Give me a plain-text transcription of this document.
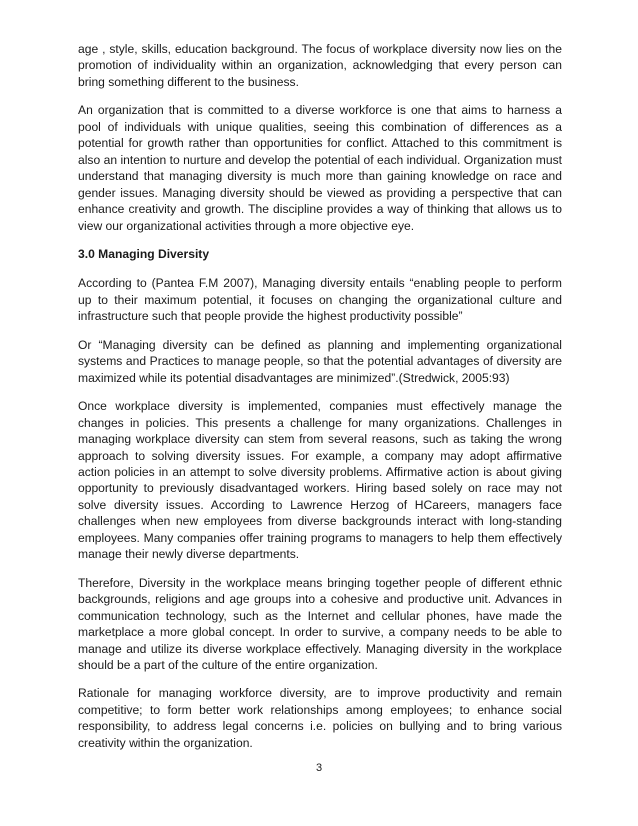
age , style, skills, education background. The focus of workplace diversity now lies on the promotion of individuality within an organization, acknowledging that every person can bring something different to the business.

An organization that is committed to a diverse workforce is one that aims to harness a pool of individuals with unique qualities, seeing this combination of differences as a potential for growth rather than opportunities for conflict. Attached to this commitment is also an intention to nurture and develop the potential of each individual. Organization must understand that managing diversity is much more than gaining knowledge on race and gender issues. Managing diversity should be viewed as providing a perspective that can enhance creativity and growth. The discipline provides a way of thinking that allows us to view our organizational activities through a more objective eye.

3.0 Managing Diversity

According to (Pantea F.M 2007), Managing diversity entails “enabling people to perform up to their maximum potential, it focuses on changing the organizational culture and infrastructure such that people provide the highest productivity possible”

Or “Managing diversity can be defined as planning and implementing organizational systems and Practices to manage people, so that the potential advantages of diversity are maximized while its potential disadvantages are minimized”.(Stredwick, 2005:93)

Once workplace diversity is implemented, companies must effectively manage the changes in policies. This presents a challenge for many organizations. Challenges in managing workplace diversity can stem from several reasons, such as taking the wrong approach to solving diversity issues. For example, a company may adopt affirmative action policies in an attempt to solve diversity problems. Affirmative action is about giving opportunity to previously disadvantaged workers. Hiring based solely on race may not solve diversity issues. According to Lawrence Herzog of HCareers, managers face challenges when new employees from diverse backgrounds interact with long-standing employees. Many companies offer training programs to managers to help them effectively manage their newly diverse departments.

Therefore, Diversity in the workplace means bringing together people of different ethnic backgrounds, religions and age groups into a cohesive and productive unit. Advances in communication technology, such as the Internet and cellular phones, have made the marketplace a more global concept. In order to survive, a company needs to be able to manage and utilize its diverse workplace effectively. Managing diversity in the workplace should be a part of the culture of the entire organization.

Rationale for managing workforce diversity, are to improve productivity and remain competitive; to form better work relationships among employees; to enhance social responsibility, to address legal concerns i.e. policies on bullying and to bring various creativity within the organization.

3
